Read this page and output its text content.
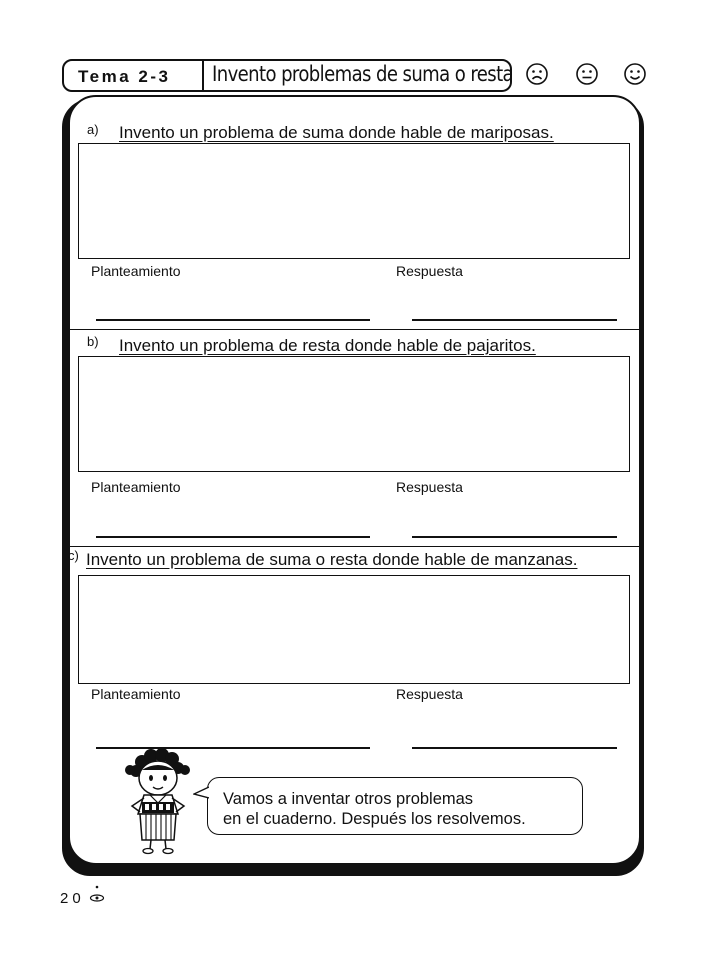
Tema 2-3 Invento problemas de suma o resta
a) Invento un problema de suma donde hable de mariposas.
Planteamiento	Respuesta
b) Invento un problema de resta donde hable de pajaritos.
Planteamiento	Respuesta
c) Invento un problema de suma o resta donde hable de manzanas.
Planteamiento	Respuesta
Vamos a inventar otros problemas
en el cuaderno. Después los resolvemos.
20
